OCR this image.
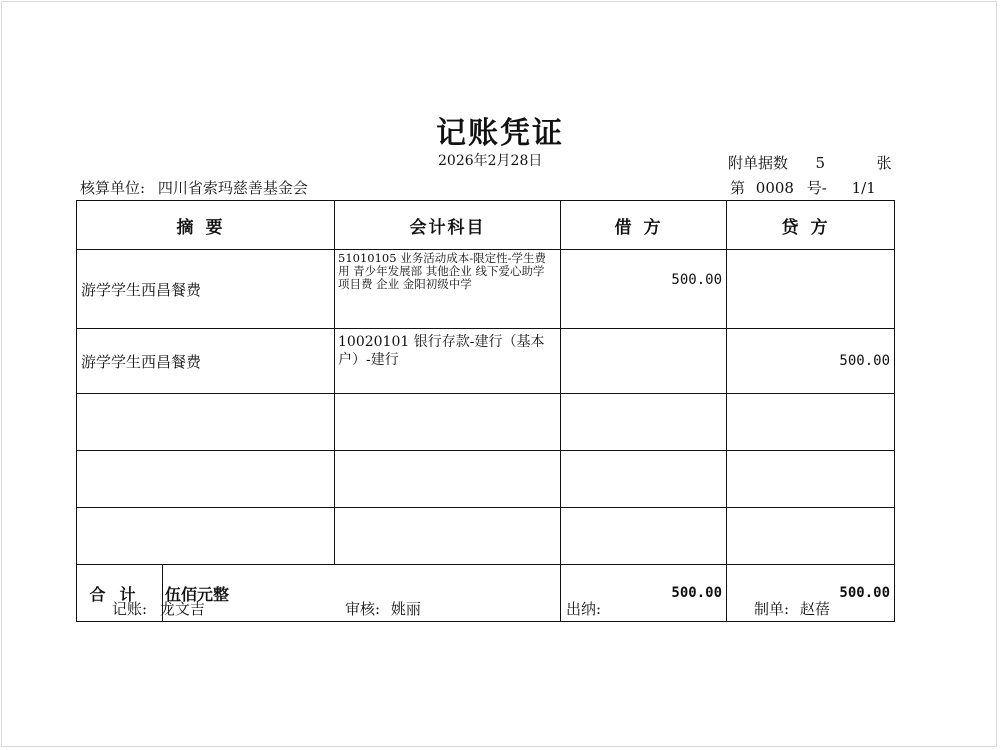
记账凭证
2026年2月28日
核算单位: 四川省索玛慈善基金会
附单据数 5	张
第 0008 号- 1/1
摘要		会计科目	借方	贷方
游学学生西昌餐费		51010105 业务活动成本-限定性-学生费用 青少年发展部 其他企业 线下爱心助学 项目费 企业 金阳初级中学	500.00	
游学学生西昌餐费		10020101 银行存款-建行（基本户）-建行		500.00

合计	伍佰元整		500.00	500.00
记账: 龙文吉	审核: 姚丽	出纳:	制单: 赵蓓
